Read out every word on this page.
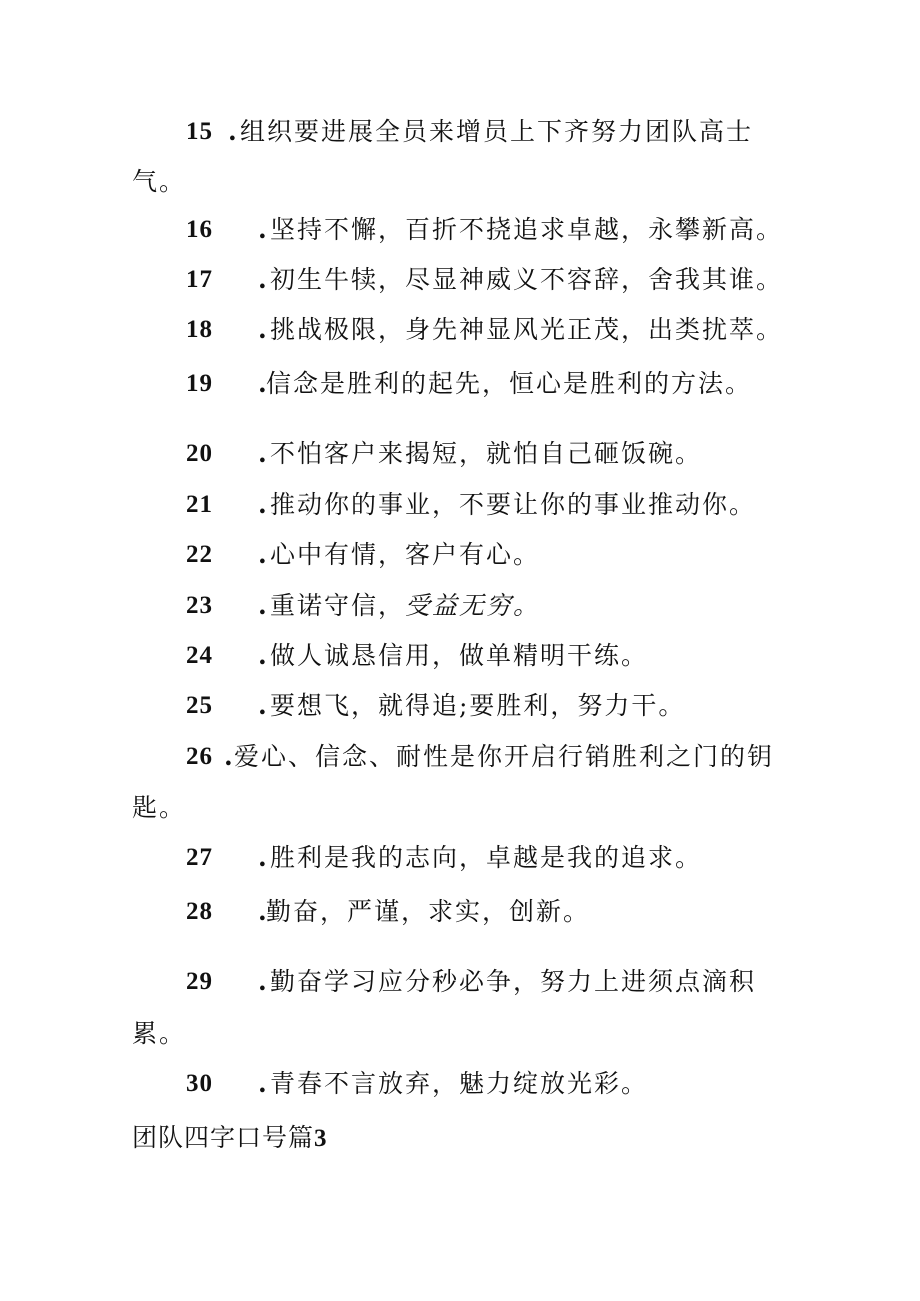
15 . 组织要进展全员来增员上下齐努力团队高士
气。
16 . 坚持不懈，百折不挠追求卓越，永攀新高。
17 . 初生牛犊，尽显神威义不容辞，舍我其谁。
18 . 挑战极限，身先神显风光正茂，出类扰萃。
19 . 信念是胜利的起先，恒心是胜利的方法。
20 . 不怕客户来揭短，就怕自己砸饭碗。
21 . 推动你的事业，不要让你的事业推动你。
22 . 心中有情，客户有心。
23 . 重诺守信，受益无穷。
24 . 做人诚恳信用，做单精明干练。
25 . 要想飞，就得追;要胜利，努力干。
26 . 爱心、信念、耐性是你开启行销胜利之门的钥
匙。
27 . 胜利是我的志向，卓越是我的追求。
28 . 勤奋，严谨，求实，创新。
29 . 勤奋学习应分秒必争，努力上进须点滴积
累。
30 . 青春不言放弃，魅力绽放光彩。
团队四字口号篇3
